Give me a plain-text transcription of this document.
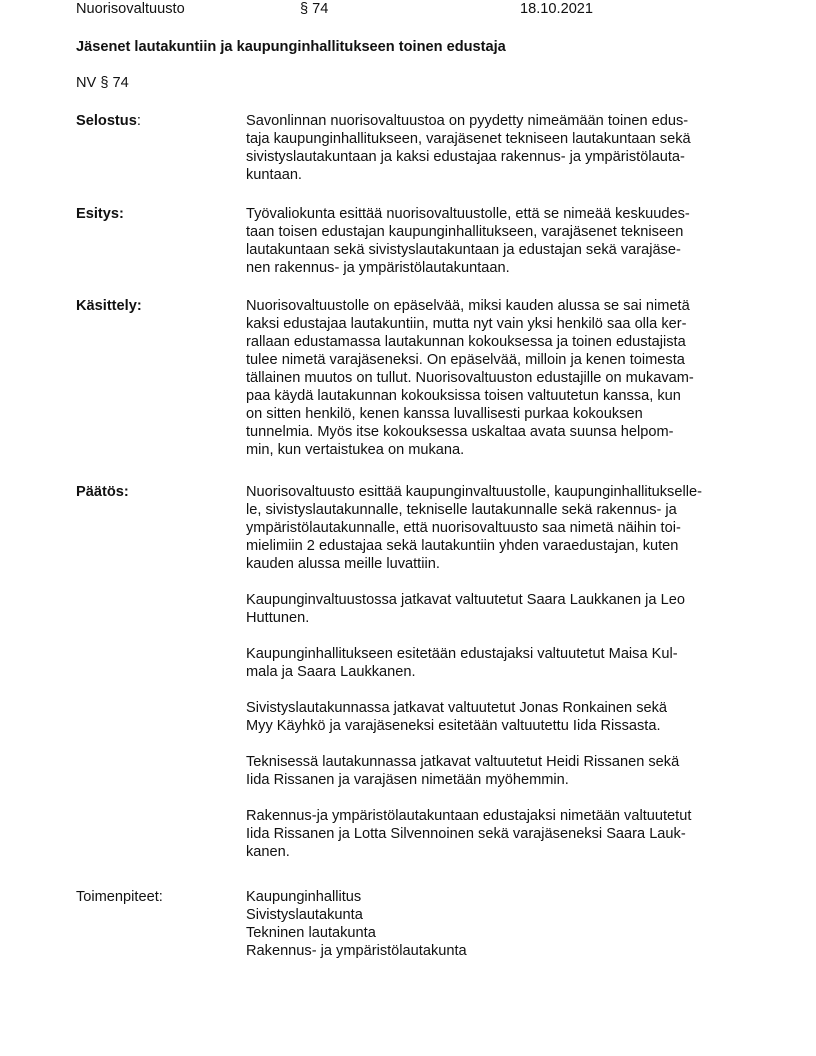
Nuorisovaltuusto	§ 74	18.10.2021
Jäsenet lautakuntiin ja kaupunginhallitukseen toinen edustaja
NV § 74
Selostus:	Savonlinnan nuorisovaltuustoa on pyydetty nimeämään toinen edus-
taja kaupunginhallitukseen, varajäsenet tekniseen lautakuntaan sekä
sivistyslautakuntaan ja kaksi edustajaa rakennus- ja ympäristölauta-
kuntaan.
Esitys:	Työvaliokunta esittää nuorisovaltuustolle, että se nimeää keskuudes-
taan toisen edustajan kaupunginhallitukseen, varajäsenet tekniseen
lautakuntaan sekä sivistyslautakuntaan ja edustajan sekä varajäse-
nen rakennus- ja ympäristölautakuntaan.
Käsittely:	Nuorisovaltuustolle on epäselvää, miksi kauden alussa se sai nimetä
kaksi edustajaa lautakuntiin, mutta nyt vain yksi henkilö saa olla ker-
rallaan edustamassa lautakunnan kokouksessa ja toinen edustajista
tulee nimetä varajäseneksi. On epäselvää, milloin ja kenen toimesta
tällainen muutos on tullut. Nuorisovaltuuston edustajille on mukavam-
paa käydä lautakunnan kokouksissa toisen valtuutetun kanssa, kun
on sitten henkilö, kenen kanssa luvallisesti purkaa kokouksen
tunnelmia. Myös itse kokouksessa uskaltaa avata suunsa helpom-
min, kun vertaistukea on mukana.
Päätös:	Nuorisovaltuusto esittää kaupunginvaltuustolle, kaupunginhallitukselle-
le, sivistyslautakunnalle, tekniselle lautakunnalle sekä rakennus- ja
ympäristölautakunnalle, että nuorisovaltuusto saa nimetä näihin toi-
mielimiin 2 edustajaa sekä lautakuntiin yhden varaedustajan, kuten
kauden alussa meille luvattiin.
Kaupunginvaltuustossa jatkavat valtuutetut Saara Laukkanen ja Leo
Huttunen.
Kaupunginhallitukseen esitetään edustajaksi valtuutetut Maisa Kul-
mala ja Saara Laukkanen.
Sivistyslautakunnassa jatkavat valtuutetut Jonas Ronkainen sekä
Myy Käyhkö ja varajäseneksi esitetään valtuutettu Iida Rissasta.
Teknisessä lautakunnassa jatkavat valtuutetut Heidi Rissanen sekä
Iida Rissanen ja varajäsen nimetään myöhemmin.
Rakennus-ja ympäristölautakuntaan edustajaksi nimetään valtuutetut
Iida Rissanen ja Lotta Silvennoinen sekä varajäseneksi Saara Lauk-
kanen.
Toimenpiteet:	Kaupunginhallitus
Sivistyslautakunta
Tekninen lautakunta
Rakennus- ja ympäristölautakunta
